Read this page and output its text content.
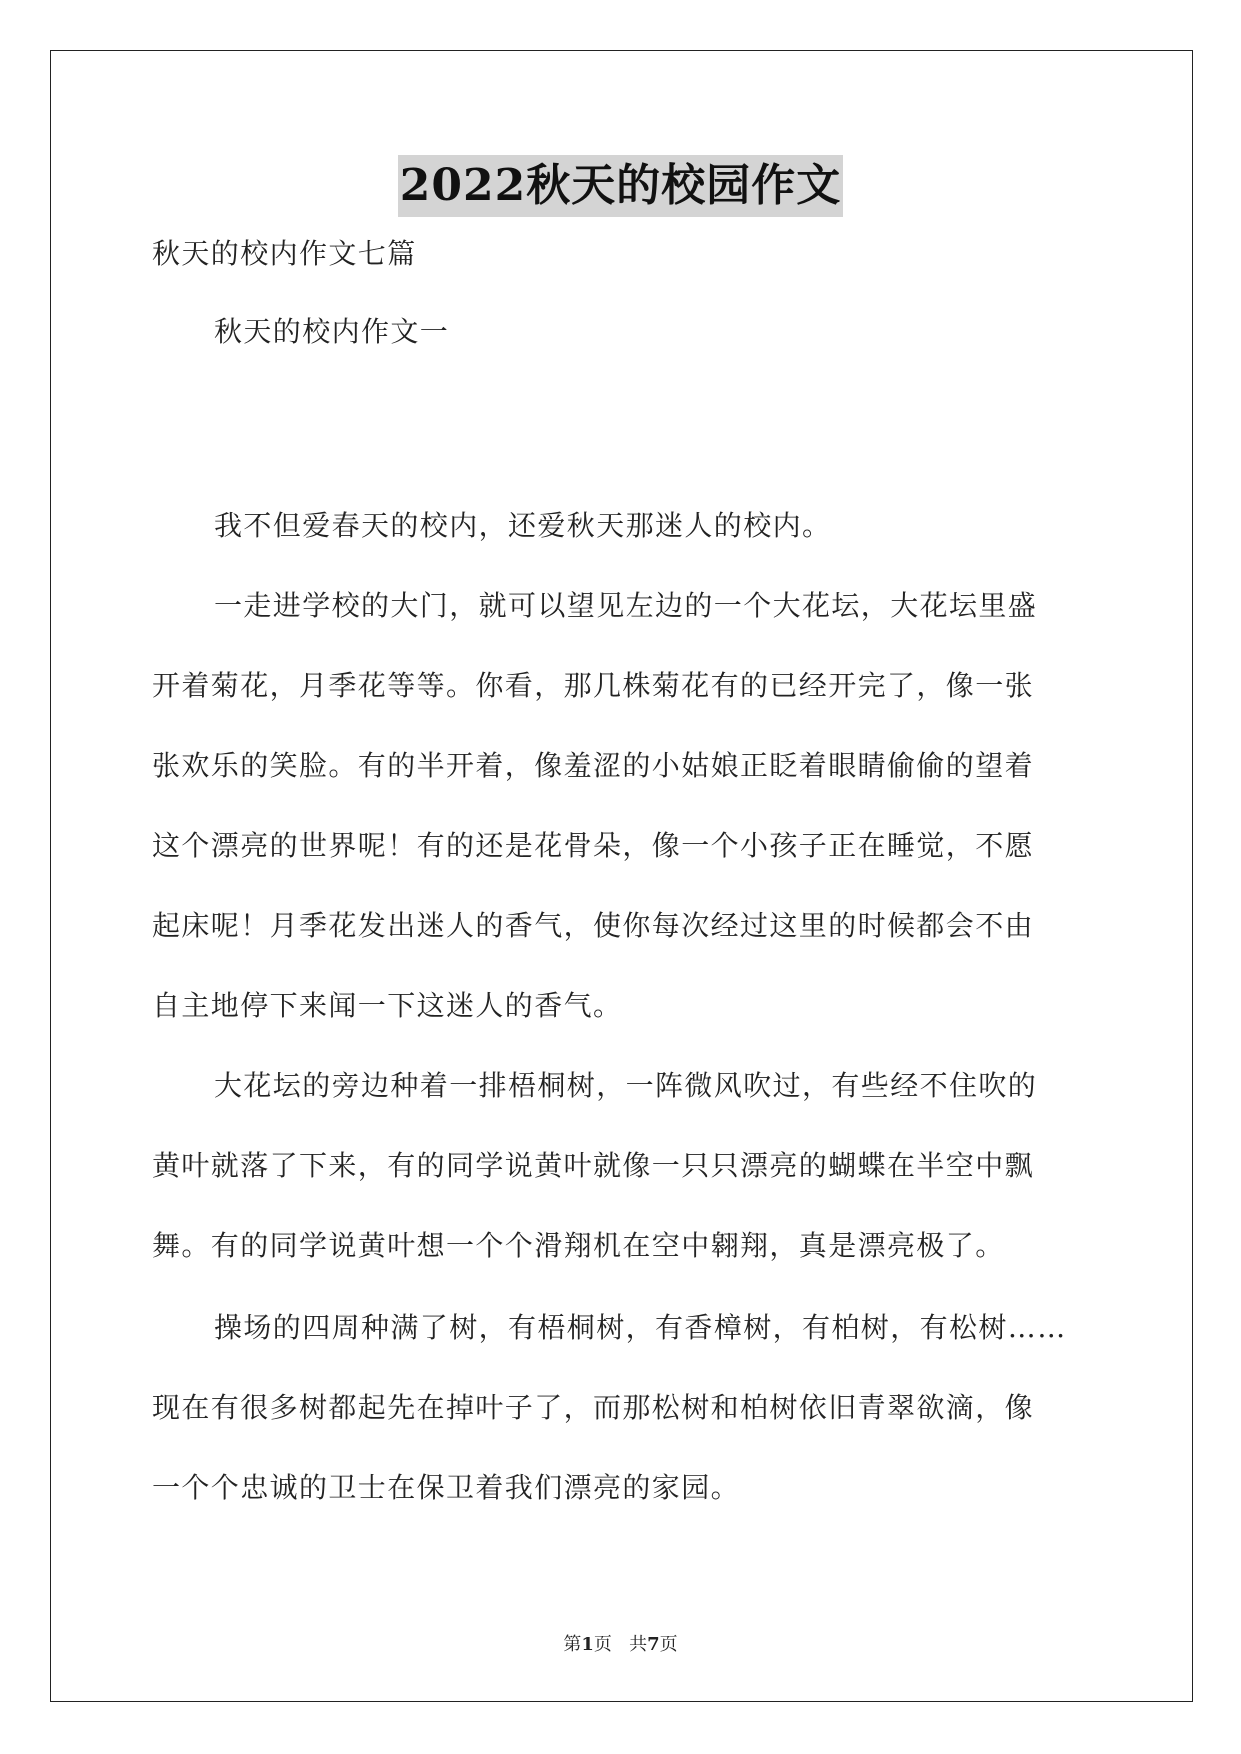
2022秋天的校园作文
秋天的校内作文七篇
秋天的校内作文一
我不但爱春天的校内，还爱秋天那迷人的校内。
一走进学校的大门，就可以望见左边的一个大花坛，大花坛里盛
开着菊花，月季花等等。你看，那几株菊花有的已经开完了，像一张
张欢乐的笑脸。有的半开着，像羞涩的小姑娘正眨着眼睛偷偷的望着
这个漂亮的世界呢！有的还是花骨朵，像一个小孩子正在睡觉，不愿
起床呢！月季花发出迷人的香气，使你每次经过这里的时候都会不由
自主地停下来闻一下这迷人的香气。
大花坛的旁边种着一排梧桐树，一阵微风吹过，有些经不住吹的
黄叶就落了下来，有的同学说黄叶就像一只只漂亮的蝴蝶在半空中飘
舞。有的同学说黄叶想一个个滑翔机在空中翱翔，真是漂亮极了。
操场的四周种满了树，有梧桐树，有香樟树，有柏树，有松树……
现在有很多树都起先在掉叶子了，而那松树和柏树依旧青翠欲滴，像
一个个忠诚的卫士在保卫着我们漂亮的家园。
第1页 共7页
